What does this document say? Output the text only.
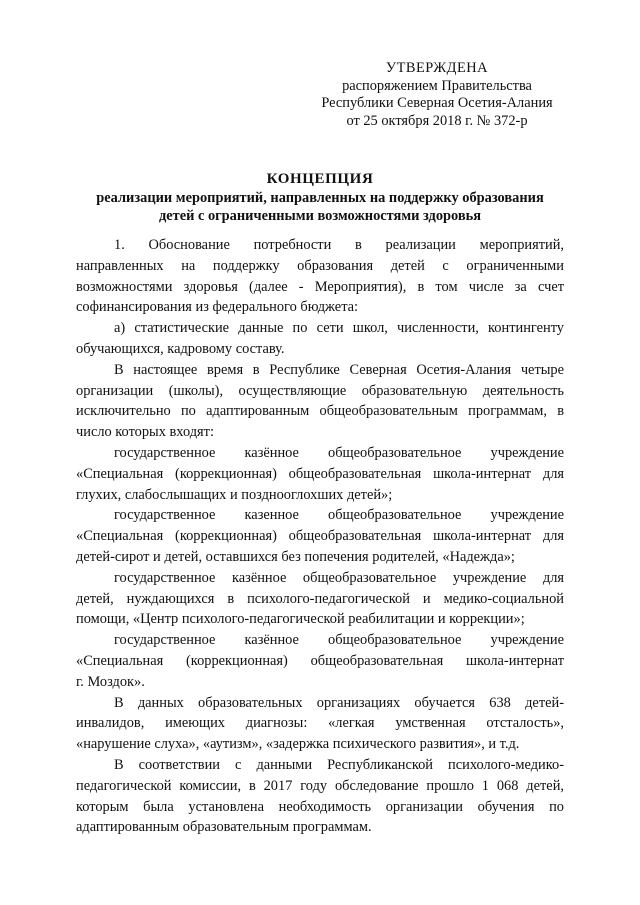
УТВЕРЖДЕНА
распоряжением Правительства
Республики Северная Осетия-Алания
от 25 октября 2018 г. № 372-р
КОНЦЕПЦИЯ
реализации мероприятий, направленных на поддержку образования
детей с ограниченными возможностями здоровья
1. Обоснование потребности в реализации мероприятий,
направленных на поддержку образования детей с ограниченными
возможностями здоровья (далее - Мероприятия), в том числе за счет
софинансирования из федерального бюджета:
а) статистические данные по сети школ, численности, контингенту
обучающихся, кадровому составу.
В настоящее время в Республике Северная Осетия-Алания четыре
организации (школы), осуществляющие образовательную деятельность
исключительно по адаптированным общеобразовательным программам, в
число которых входят:
государственное казённое общеобразовательное учреждение
«Специальная (коррекционная) общеобразовательная школа-интернат для
глухих, слабослышащих и позднооглохших детей»;
государственное казенное общеобразовательное учреждение
«Специальная (коррекционная) общеобразовательная школа-интернат для
детей-сирот и детей, оставшихся без попечения родителей, «Надежда»;
государственное казённое общеобразовательное учреждение для
детей, нуждающихся в психолого-педагогической и медико-социальной
помощи, «Центр психолого-педагогической реабилитации и коррекции»;
государственное казённое общеобразовательное учреждение
«Специальная (коррекционная) общеобразовательная школа-интернат
г. Моздок».
В данных образовательных организациях обучается 638 детей-
инвалидов, имеющих диагнозы: «легкая умственная отсталость»,
«нарушение слуха», «аутизм», «задержка психического развития», и т.д.
В соответствии с данными Республиканской психолого-медико-
педагогической комиссии, в 2017 году обследование прошло 1 068 детей,
которым была установлена необходимость организации обучения по
адаптированным образовательным программам.
